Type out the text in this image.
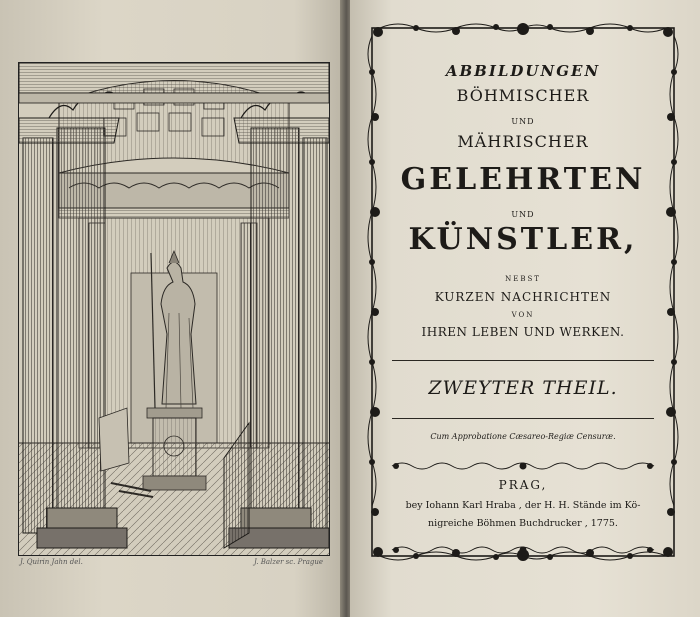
J. Quirin Jahn del.	J. Balzer sc. Prague
ABBILDUNGEN
BÖHMISCHER
UND
MÄHRISCHER
GELEHRTEN
UND
KÜNSTLER,
NEBST
KURZEN NACHRICHTEN
VON
IHREN LEBEN UND WERKEN.
ZWEYTER THEIL.
Cum Approbatione Cæsareo-Regiæ Censuræ.
PRAG,
bey Iohann Karl Hraba , der H. H. Stände im Kö-
nigreiche Böhmen Buchdrucker , 1775.
